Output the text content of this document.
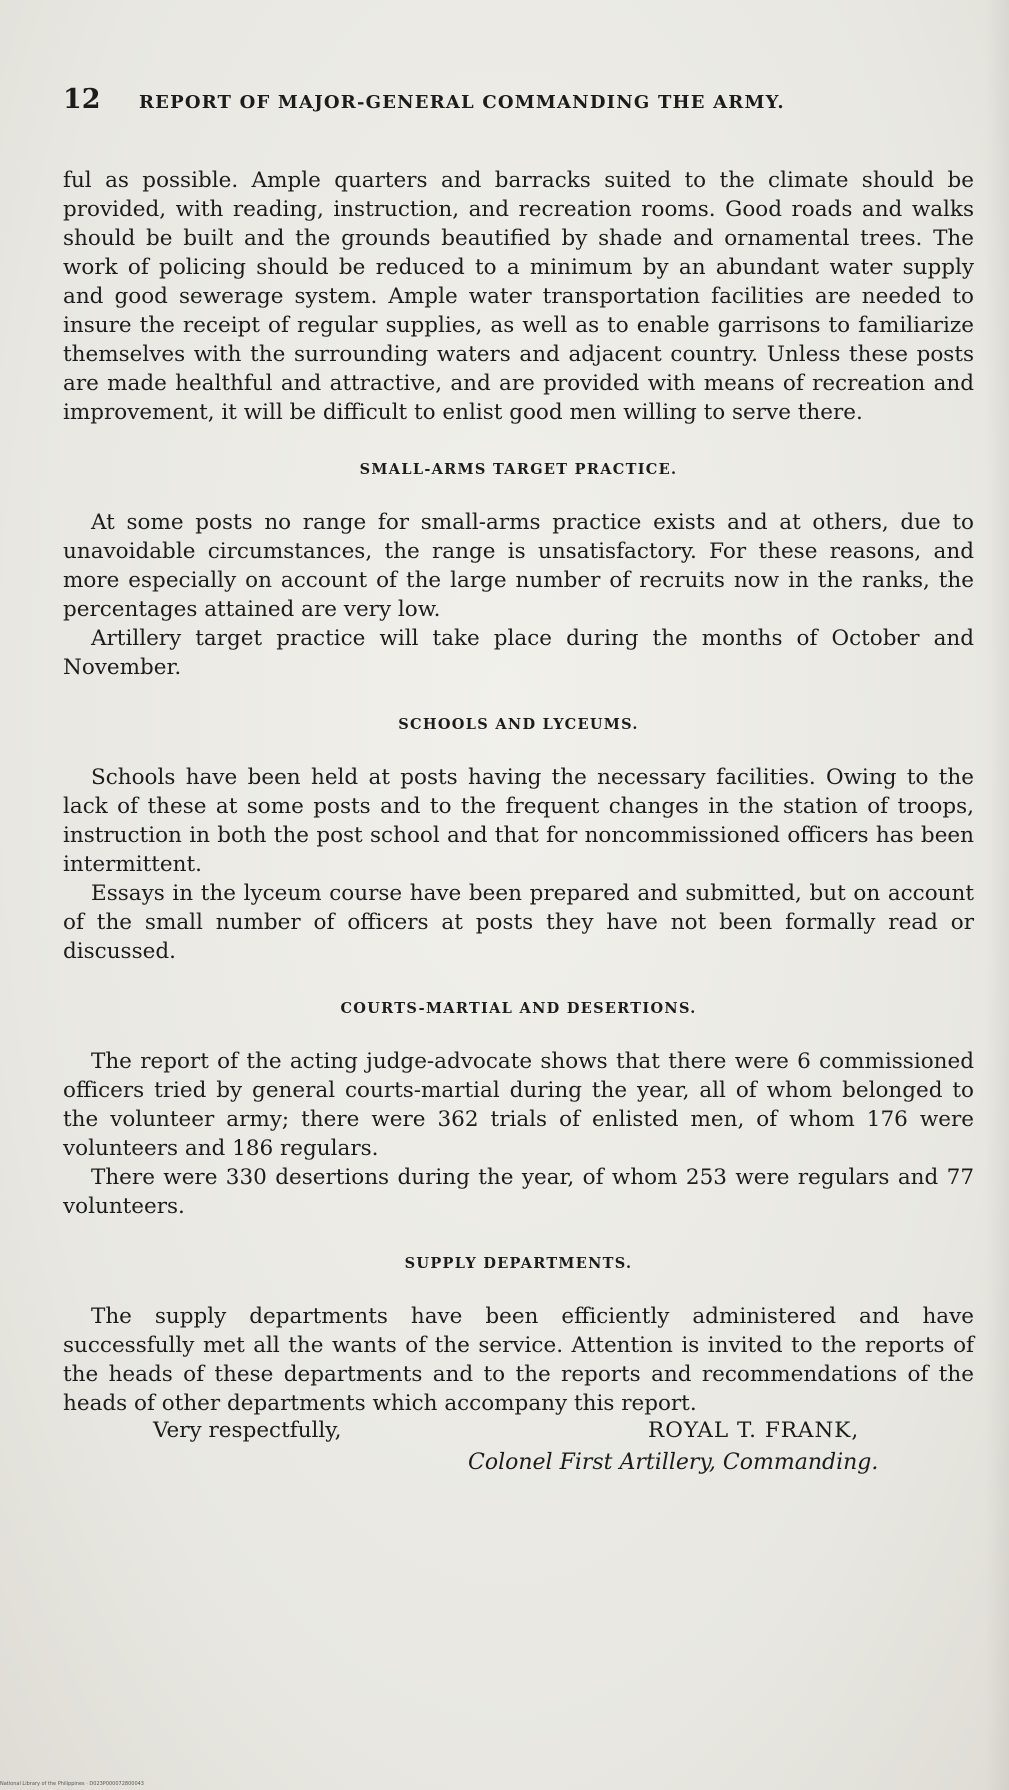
12	REPORT OF MAJOR-GENERAL COMMANDING THE ARMY.

ful as possible. Ample quarters and barracks suited to the climate should be provided, with reading, instruction, and recreation rooms. Good roads and walks should be built and the grounds beautified by shade and ornamental trees. The work of policing should be reduced to a minimum by an abundant water supply and good sewerage system. Ample water transportation facilities are needed to insure the receipt of regular supplies, as well as to enable garrisons to familiarize themselves with the surrounding waters and adjacent country. Unless these posts are made healthful and attractive, and are provided with means of recreation and improvement, it will be difficult to enlist good men willing to serve there.

SMALL-ARMS TARGET PRACTICE.

At some posts no range for small-arms practice exists and at others, due to unavoidable circumstances, the range is unsatisfactory. For these reasons, and more especially on account of the large number of recruits now in the ranks, the percentages attained are very low.

Artillery target practice will take place during the months of October and November.

SCHOOLS AND LYCEUMS.

Schools have been held at posts having the necessary facilities. Owing to the lack of these at some posts and to the frequent changes in the station of troops, instruction in both the post school and that for noncommissioned officers has been intermittent.

Essays in the lyceum course have been prepared and submitted, but on account of the small number of officers at posts they have not been formally read or discussed.

COURTS-MARTIAL AND DESERTIONS.

The report of the acting judge-advocate shows that there were 6 commissioned officers tried by general courts-martial during the year, all of whom belonged to the volunteer army; there were 362 trials of enlisted men, of whom 176 were volunteers and 186 regulars.

There were 330 desertions during the year, of whom 253 were regulars and 77 volunteers.

SUPPLY DEPARTMENTS.

The supply departments have been efficiently administered and have successfully met all the wants of the service. Attention is invited to the reports of the heads of these departments and to the reports and recommendations of the heads of other departments which accompany this report.

Very respectfully,	ROYAL T. FRANK,
Colonel First Artillery, Commanding.
National Library of the Philippines · D023P000072800043
